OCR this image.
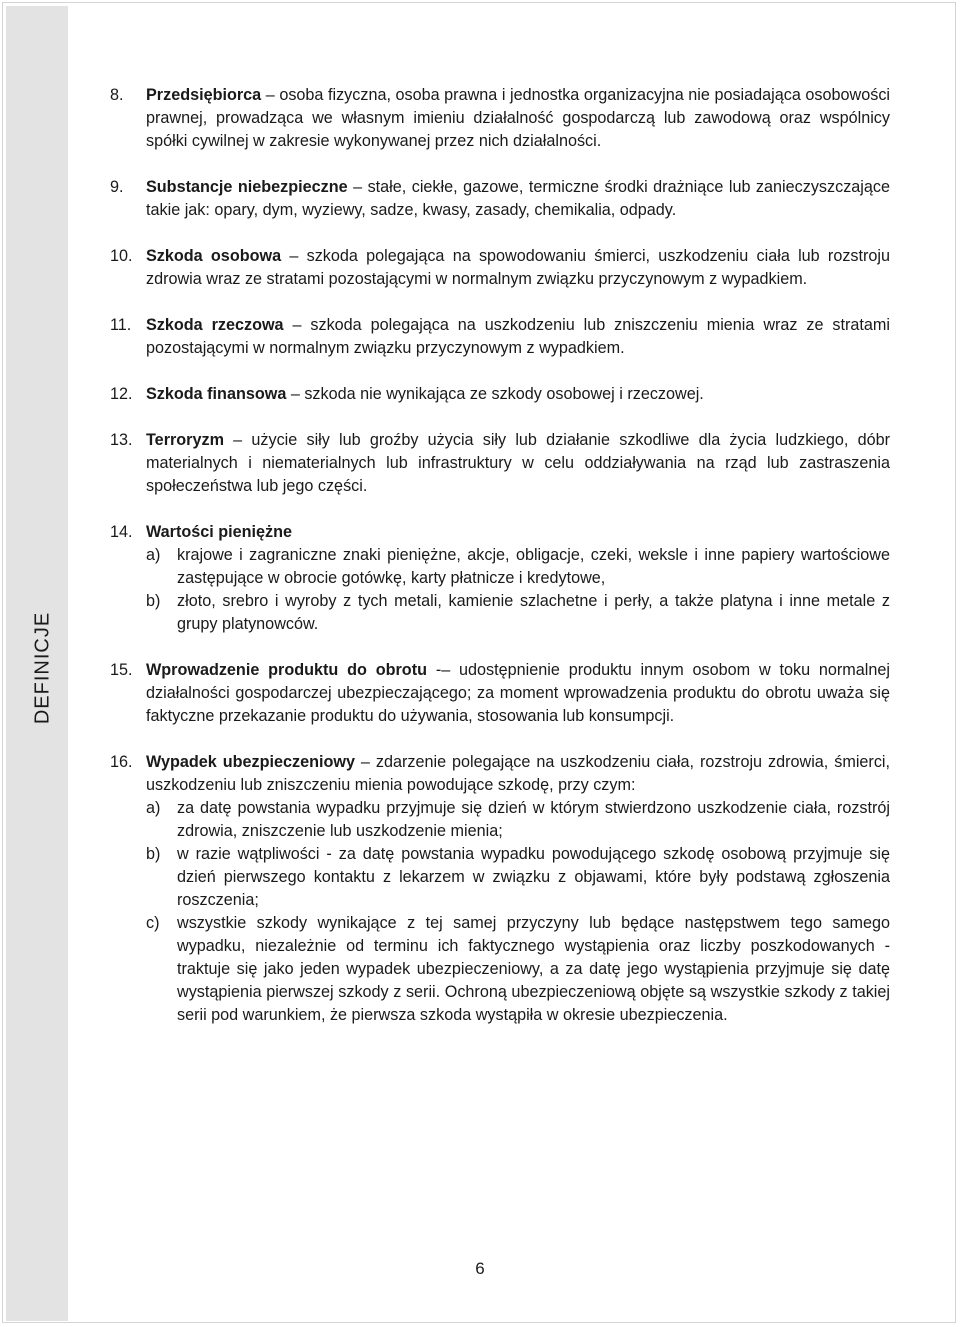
DEFINICJE
8. Przedsiębiorca – osoba fizyczna, osoba prawna i jednostka organizacyjna nie posiadająca osobowości prawnej, prowadząca we własnym imieniu działalność gospodarczą lub zawodową oraz wspólnicy spółki cywilnej w zakresie wykonywanej przez nich działalności.
9. Substancje niebezpieczne – stałe, ciekłe, gazowe, termiczne środki drażniące lub zanieczyszczające takie jak: opary, dym, wyziewy, sadze, kwasy, zasady, chemikalia, odpady.
10. Szkoda osobowa – szkoda polegająca na spowodowaniu śmierci, uszkodzeniu ciała lub rozstroju zdrowia wraz ze stratami pozostającymi w normalnym związku przyczynowym z wypadkiem.
11. Szkoda rzeczowa – szkoda polegająca na uszkodzeniu lub zniszczeniu mienia wraz ze stratami pozostającymi w normalnym związku przyczynowym z wypadkiem.
12. Szkoda finansowa – szkoda nie wynikająca ze szkody osobowej i rzeczowej.
13. Terroryzm – użycie siły lub groźby użycia siły lub działanie szkodliwe dla życia ludzkiego, dóbr materialnych i niematerialnych lub infrastruktury w celu oddziaływania na rząd lub zastraszenia społeczeństwa lub jego części.
14. Wartości pieniężne
a) krajowe i zagraniczne znaki pieniężne, akcje, obligacje, czeki, weksle i inne papiery wartościowe zastępujące w obrocie gotówkę, karty płatnicze i kredytowe,
b) złoto, srebro i wyroby z tych metali, kamienie szlachetne i perły, a także platyna i inne metale z grupy platynowców.
15. Wprowadzenie produktu do obrotu -– udostępnienie produktu innym osobom w toku normalnej działalności gospodarczej ubezpieczającego; za moment wprowadzenia produktu do obrotu uważa się faktyczne przekazanie produktu do używania, stosowania lub konsumpcji.
16. Wypadek ubezpieczeniowy – zdarzenie polegające na uszkodzeniu ciała, rozstroju zdrowia, śmierci, uszkodzeniu lub zniszczeniu mienia powodujące szkodę, przy czym:
a) za datę powstania wypadku przyjmuje się dzień w którym stwierdzono uszkodzenie ciała, rozstrój zdrowia, zniszczenie lub uszkodzenie mienia;
b) w razie wątpliwości - za datę powstania wypadku powodującego szkodę osobową przyjmuje się dzień pierwszego kontaktu z lekarzem w związku z objawami, które były podstawą zgłoszenia roszczenia;
c) wszystkie szkody wynikające z tej samej przyczyny lub będące następstwem tego samego wypadku, niezależnie od terminu ich faktycznego wystąpienia oraz liczby poszkodowanych - traktuje się jako jeden wypadek ubezpieczeniowy, a za datę jego wystąpienia przyjmuje się datę wystąpienia pierwszej szkody z serii. Ochroną ubezpieczeniową objęte są wszystkie szkody z takiej serii pod warunkiem, że pierwsza szkoda wystąpiła w okresie ubezpieczenia.
6
